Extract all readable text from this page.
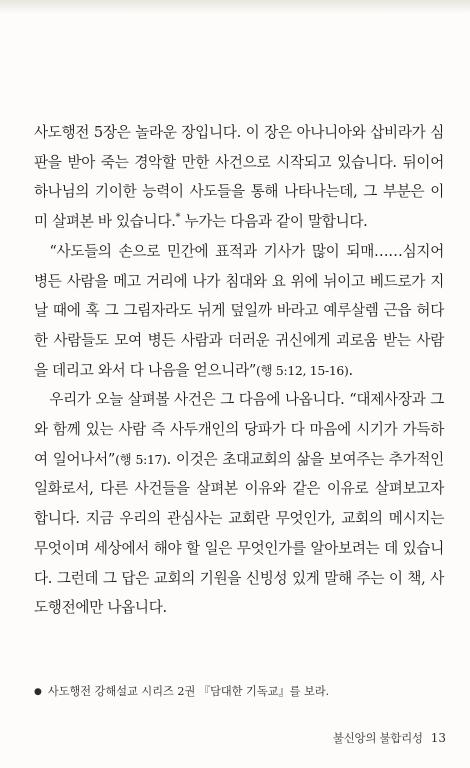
사도행전 5장은 놀라운 장입니다. 이 장은 아나니아와 삽비라가 심판을 받아 죽는 경악할 만한 사건으로 시작되고 있습니다. 뒤이어 하나님의 기이한 능력이 사도들을 통해 나타나는데, 그 부분은 이미 살펴본 바 있습니다.* 누가는 다음과 같이 말합니다.

“사도들의 손으로 민간에 표적과 기사가 많이 되매……심지어 병든 사람을 메고 거리에 나가 침대와 요 위에 뉘이고 베드로가 지날 때에 혹 그 그림자라도 뉘게 덮일까 바라고 예루살렘 근읍 허다한 사람들도 모여 병든 사람과 더러운 귀신에게 괴로움 받는 사람을 데리고 와서 다 나음을 얻으니라”(행 5:12, 15-16).

우리가 오늘 살펴볼 사건은 그 다음에 나옵니다. “대제사장과 그와 함께 있는 사람 즉 사두개인의 당파가 다 마음에 시기가 가득하여 일어나서”(행 5:17). 이것은 초대교회의 삶을 보여주는 추가적인 일화로서, 다른 사건들을 살펴본 이유와 같은 이유로 살펴보고자 합니다. 지금 우리의 관심사는 교회란 무엇인가, 교회의 메시지는 무엇이며 세상에서 해야 할 일은 무엇인가를 알아보려는 데 있습니다. 그런데 그 답은 교회의 기원을 신빙성 있게 말해 주는 이 책, 사도행전에만 나옵니다.

● 사도행전 강해설교 시리즈 2권 『담대한 기독교』를 보라.
불신앙의 불합리성 13
